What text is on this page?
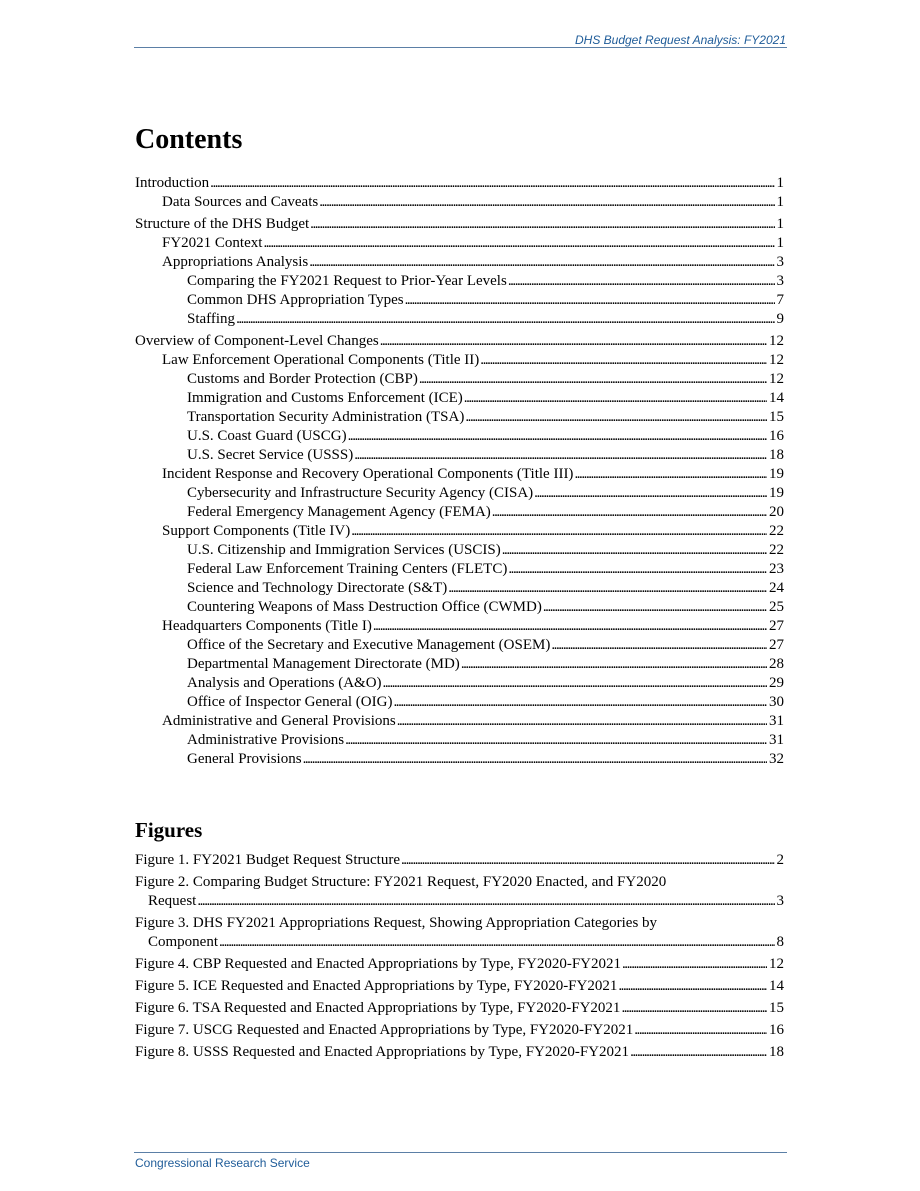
DHS Budget Request Analysis: FY2021
Contents
Introduction . . .	1
Data Sources and Caveats . . .	1
Structure of the DHS Budget . . .	1
FY2021 Context . . .	1
Appropriations Analysis . . .	3
Comparing the FY2021 Request to Prior-Year Levels . . .	3
Common DHS Appropriation Types . . .	7
Staffing . . .	9
Overview of Component-Level Changes . . .	12
Law Enforcement Operational Components (Title II) . . .	12
Customs and Border Protection (CBP) . . .	12
Immigration and Customs Enforcement (ICE) . . .	14
Transportation Security Administration (TSA) . . .	15
U.S. Coast Guard (USCG) . . .	16
U.S. Secret Service (USSS) . . .	18
Incident Response and Recovery Operational Components (Title III) . . .	19
Cybersecurity and Infrastructure Security Agency (CISA) . . .	19
Federal Emergency Management Agency (FEMA) . . .	20
Support Components (Title IV) . . .	22
U.S. Citizenship and Immigration Services (USCIS) . . .	22
Federal Law Enforcement Training Centers (FLETC) . . .	23
Science and Technology Directorate (S&T) . . .	24
Countering Weapons of Mass Destruction Office (CWMD) . . .	25
Headquarters Components (Title I) . . .	27
Office of the Secretary and Executive Management (OSEM) . . .	27
Departmental Management Directorate (MD) . . .	28
Analysis and Operations (A&O) . . .	29
Office of Inspector General (OIG) . . .	30
Administrative and General Provisions . . .	31
Administrative Provisions . . .	31
General Provisions . . .	32
Figures
Figure 1. FY2021 Budget Request Structure . . .	2
Figure 2. Comparing Budget Structure: FY2021 Request, FY2020 Enacted, and FY2020
Request . . .	3
Figure 3. DHS FY2021 Appropriations Request, Showing Appropriation Categories by
Component . . .	8
Figure 4. CBP Requested and Enacted Appropriations by Type, FY2020-FY2021 . . .	12
Figure 5. ICE Requested and Enacted Appropriations by Type, FY2020-FY2021 . . .	14
Figure 6. TSA Requested and Enacted Appropriations by Type, FY2020-FY2021 . . .	15
Figure 7. USCG Requested and Enacted Appropriations by Type, FY2020-FY2021 . . .	16
Figure 8. USSS Requested and Enacted Appropriations by Type, FY2020-FY2021 . . .	18
Congressional Research Service
